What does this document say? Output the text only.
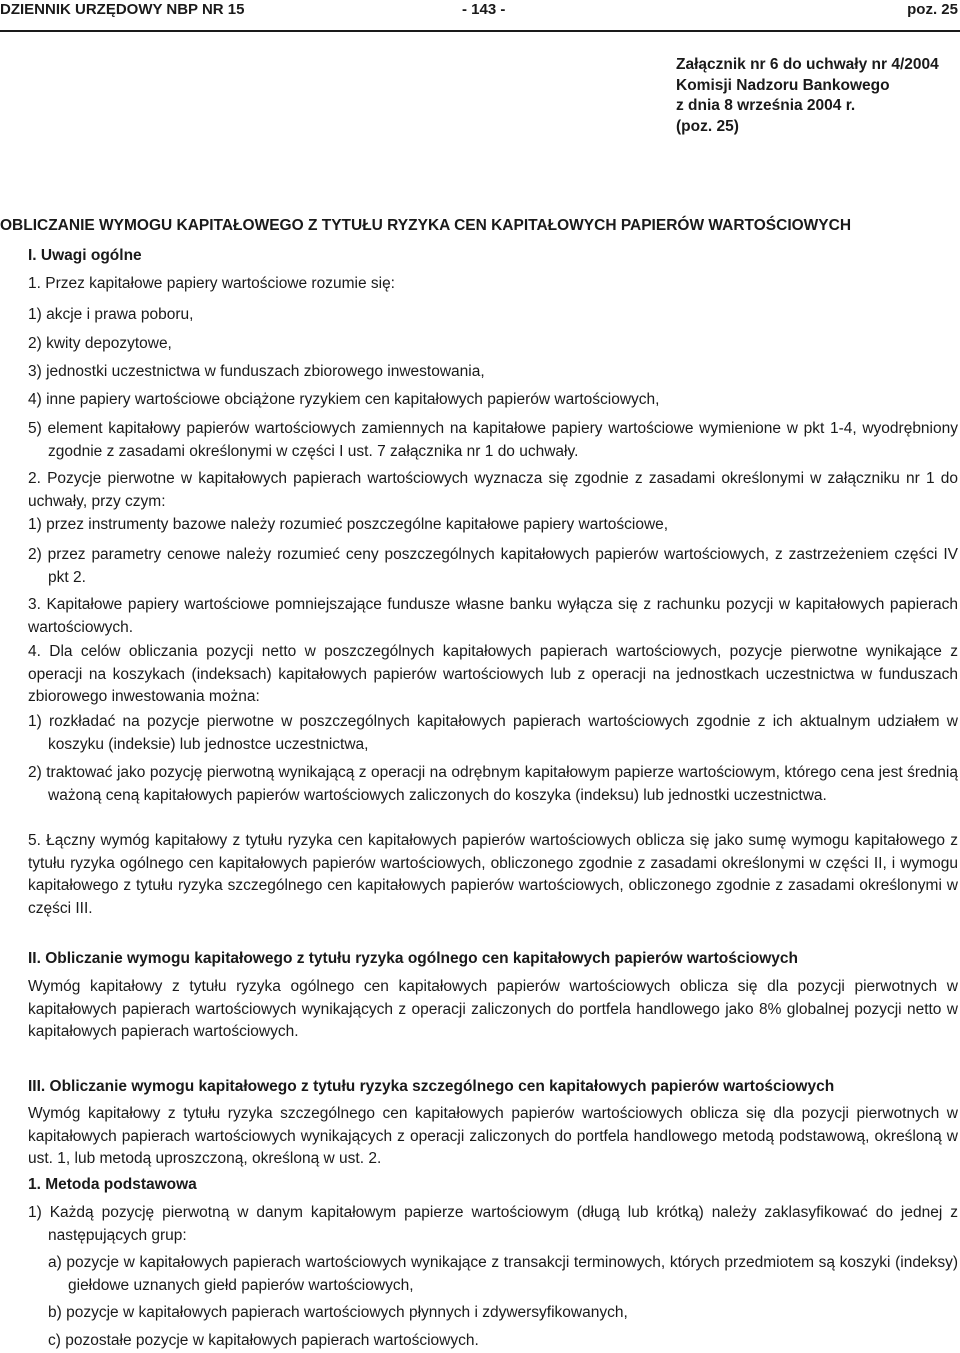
DZIENNIK URZĘDOWY NBP NR 15	- 143 -	poz. 25
Załącznik nr 6 do uchwały nr 4/2004
Komisji Nadzoru Bankowego
z dnia 8 września 2004 r.
(poz. 25)
OBLICZANIE WYMOGU KAPITAŁOWEGO Z TYTUŁU RYZYKA CEN KAPITAŁOWYCH PAPIERÓW WARTOŚCIOWYCH
I. Uwagi ogólne
1. Przez kapitałowe papiery wartościowe rozumie się:
1) akcje i prawa poboru,
2) kwity depozytowe,
3) jednostki uczestnictwa w funduszach zbiorowego inwestowania,
4) inne papiery wartościowe obciążone ryzykiem cen kapitałowych papierów wartościowych,
5) element kapitałowy papierów wartościowych zamiennych na kapitałowe papiery wartościowe wymienione w pkt 1-4, wyodrębniony zgodnie z zasadami określonymi w części I ust. 7 załącznika nr 1 do uchwały.
2. Pozycje pierwotne w kapitałowych papierach wartościowych wyznacza się zgodnie z zasadami określonymi w załączniku nr 1 do uchwały, przy czym:
1) przez instrumenty bazowe należy rozumieć poszczególne kapitałowe papiery wartościowe,
2) przez parametry cenowe należy rozumieć ceny poszczególnych kapitałowych papierów wartościowych, z zastrzeżeniem części IV pkt 2.
3. Kapitałowe papiery wartościowe pomniejszające fundusze własne banku wyłącza się z rachunku pozycji w kapitałowych papierach wartościowych.
4. Dla celów obliczania pozycji netto w poszczególnych kapitałowych papierach wartościowych, pozycje pierwotne wynikające z operacji na koszykach (indeksach) kapitałowych papierów wartościowych lub z operacji na jednostkach uczestnictwa w funduszach zbiorowego inwestowania można:
1) rozkładać na pozycje pierwotne w poszczególnych kapitałowych papierach wartościowych zgodnie z ich aktualnym udziałem w koszyku (indeksie) lub jednostce uczestnictwa,
2) traktować jako pozycję pierwotną wynikającą z operacji na odrębnym kapitałowym papierze wartościowym, którego cena jest średnią ważoną ceną kapitałowych papierów wartościowych zaliczonych do koszyka (indeksu) lub jednostki uczestnictwa.
5. Łączny wymóg kapitałowy z tytułu ryzyka cen kapitałowych papierów wartościowych oblicza się jako sumę wymogu kapitałowego z tytułu ryzyka ogólnego cen kapitałowych papierów wartościowych, obliczonego zgodnie z zasadami określonymi w części II, i wymogu kapitałowego z tytułu ryzyka szczególnego cen kapitałowych papierów wartościowych, obliczonego zgodnie z zasadami określonymi w części III.
II. Obliczanie wymogu kapitałowego z tytułu ryzyka ogólnego cen kapitałowych papierów wartościowych
Wymóg kapitałowy z tytułu ryzyka ogólnego cen kapitałowych papierów wartościowych oblicza się dla pozycji pierwotnych w kapitałowych papierach wartościowych wynikających z operacji zaliczonych do portfela handlowego jako 8% globalnej pozycji netto w kapitałowych papierach wartościowych.
III. Obliczanie wymogu kapitałowego z tytułu ryzyka szczególnego cen kapitałowych papierów wartościowych
Wymóg kapitałowy z tytułu ryzyka szczególnego cen kapitałowych papierów wartościowych oblicza się dla pozycji pierwotnych w kapitałowych papierach wartościowych wynikających z operacji zaliczonych do portfela handlowego metodą podstawową, określoną w ust. 1, lub metodą uproszczoną, określoną w ust. 2.
1. Metoda podstawowa
1) Każdą pozycję pierwotną w danym kapitałowym papierze wartościowym (długą lub krótką) należy zaklasyfikować do jednej z następujących grup:
a) pozycje w kapitałowych papierach wartościowych wynikające z transakcji terminowych, których przedmiotem są koszyki (indeksy) giełdowe uznanych giełd papierów wartościowych,
b) pozycje w kapitałowych papierach wartościowych płynnych i zdywersyfikowanych,
c) pozostałe pozycje w kapitałowych papierach wartościowych.
